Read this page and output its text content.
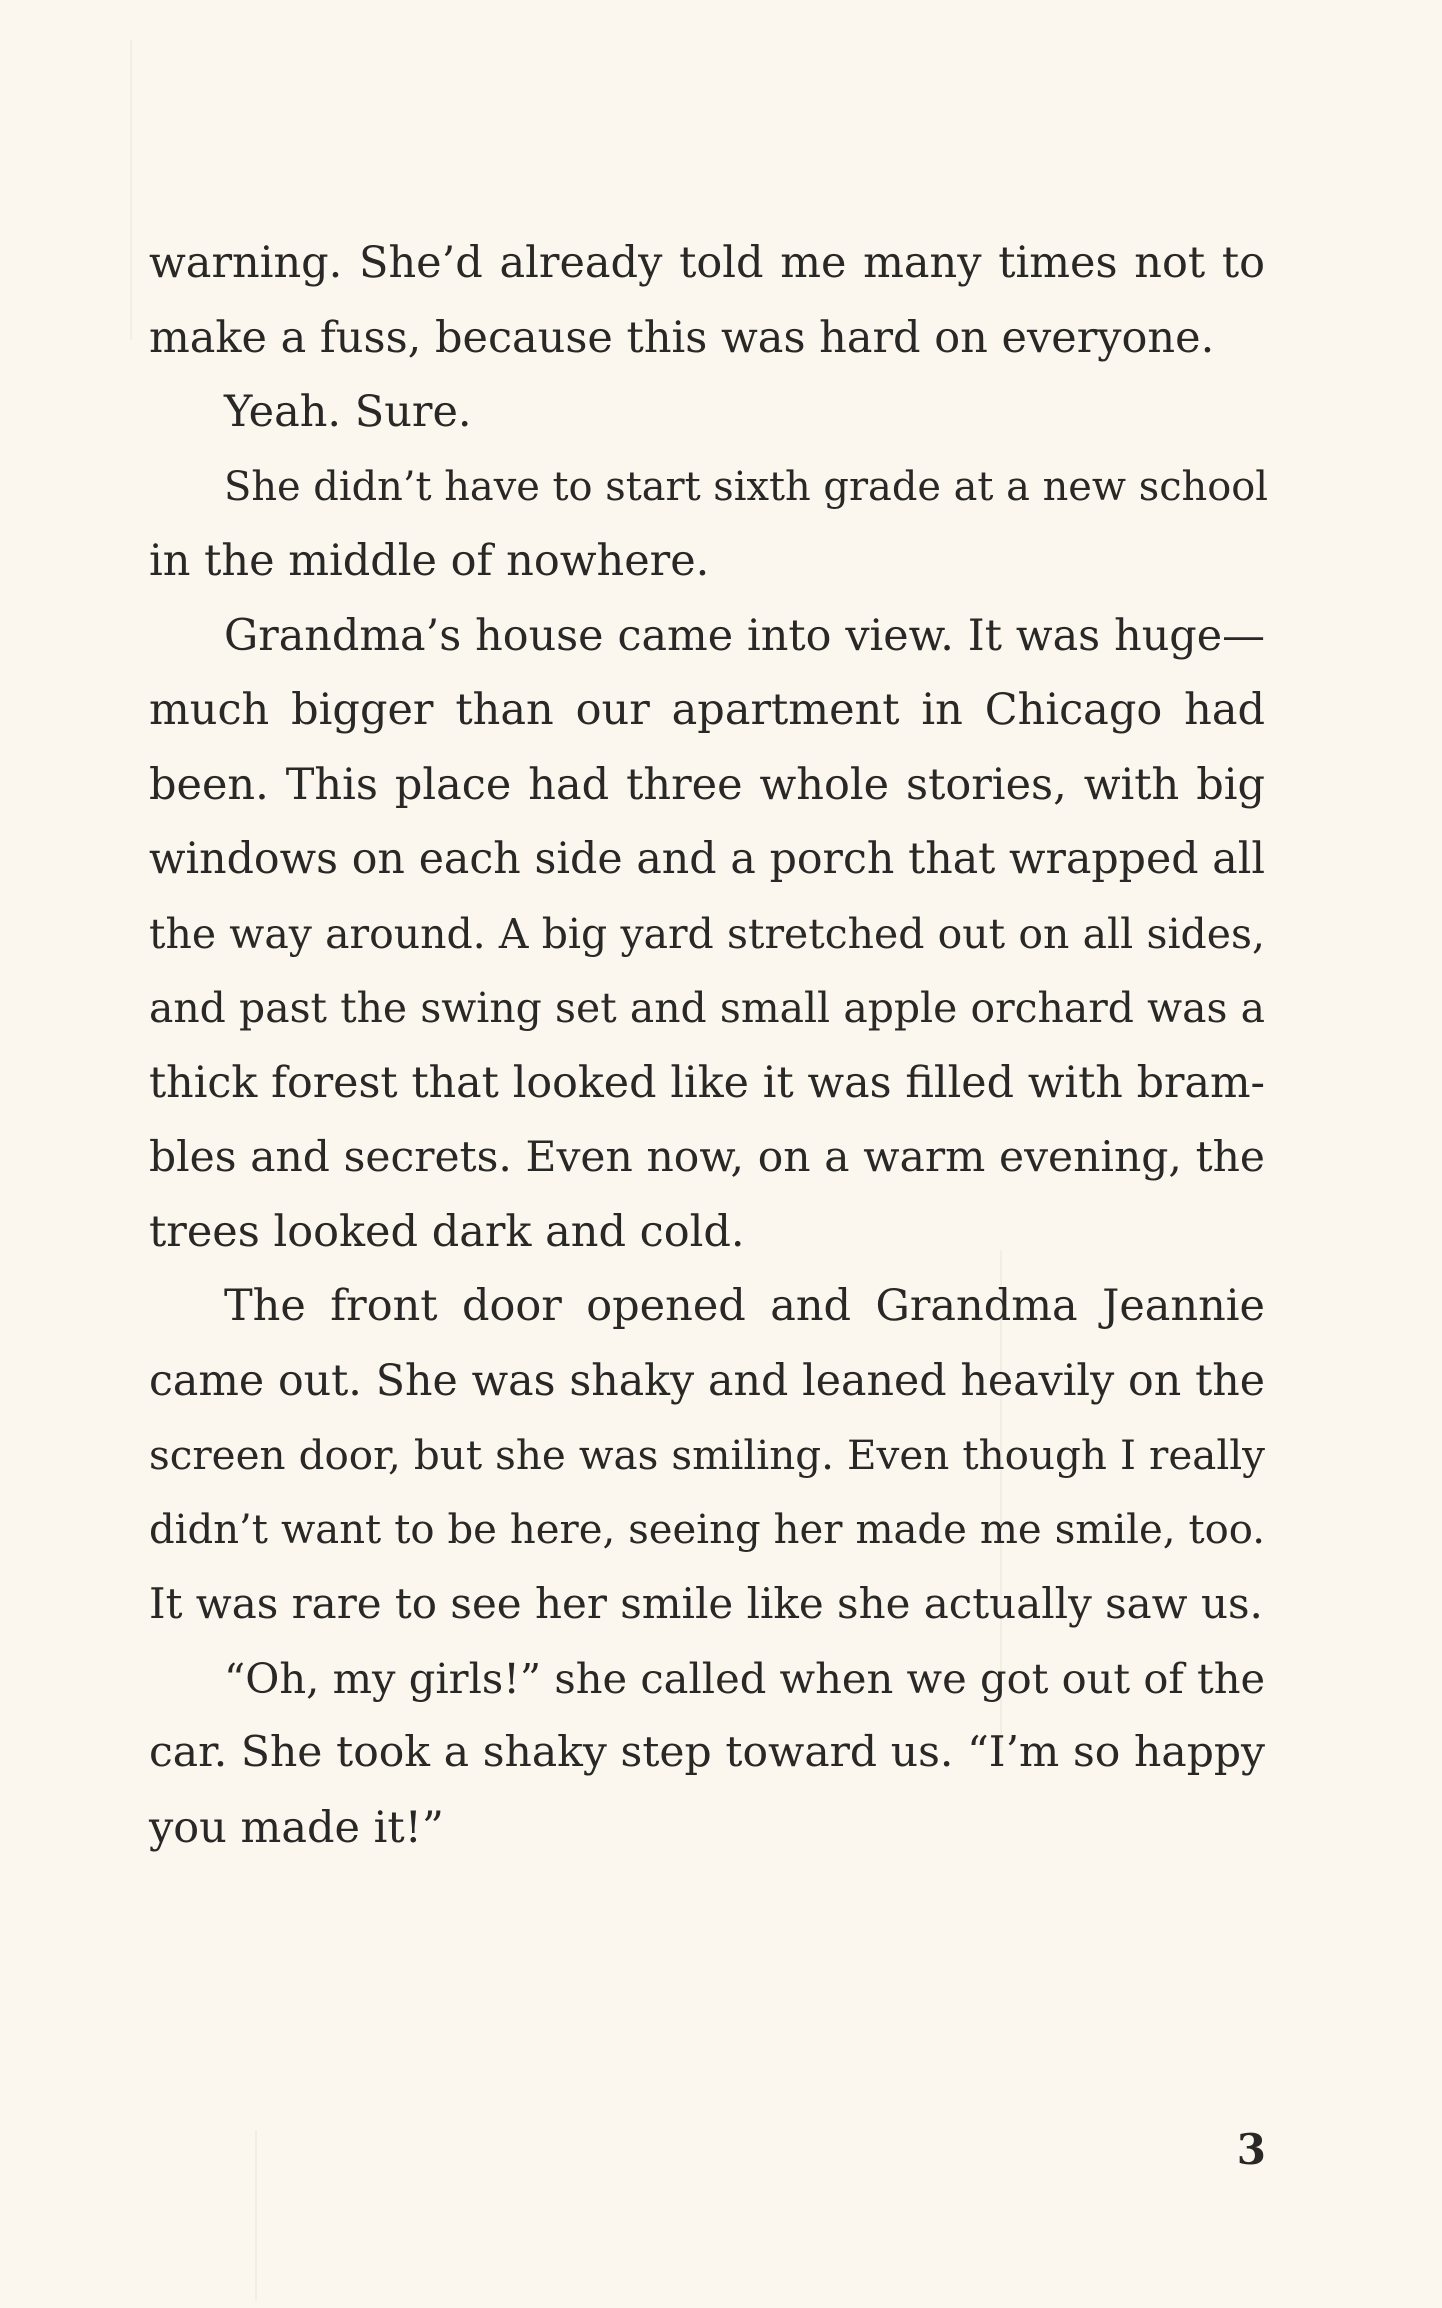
warning. She’d already told me many times not to
make a fuss, because this was hard on everyone.
Yeah. Sure.
She didn’t have to start sixth grade at a new school
in the middle of nowhere.
Grandma’s house came into view. It was huge—
much bigger than our apartment in Chicago had
been. This place had three whole stories, with big
windows on each side and a porch that wrapped all
the way around. A big yard stretched out on all sides,
and past the swing set and small apple orchard was a
thick forest that looked like it was filled with bram-
bles and secrets. Even now, on a warm evening, the
trees looked dark and cold.
The front door opened and Grandma Jeannie
came out. She was shaky and leaned heavily on the
screen door, but she was smiling. Even though I really
didn’t want to be here, seeing her made me smile, too.
It was rare to see her smile like she actually saw us.
“Oh, my girls!” she called when we got out of the
car. She took a shaky step toward us. “I’m so happy
you made it!”
3
